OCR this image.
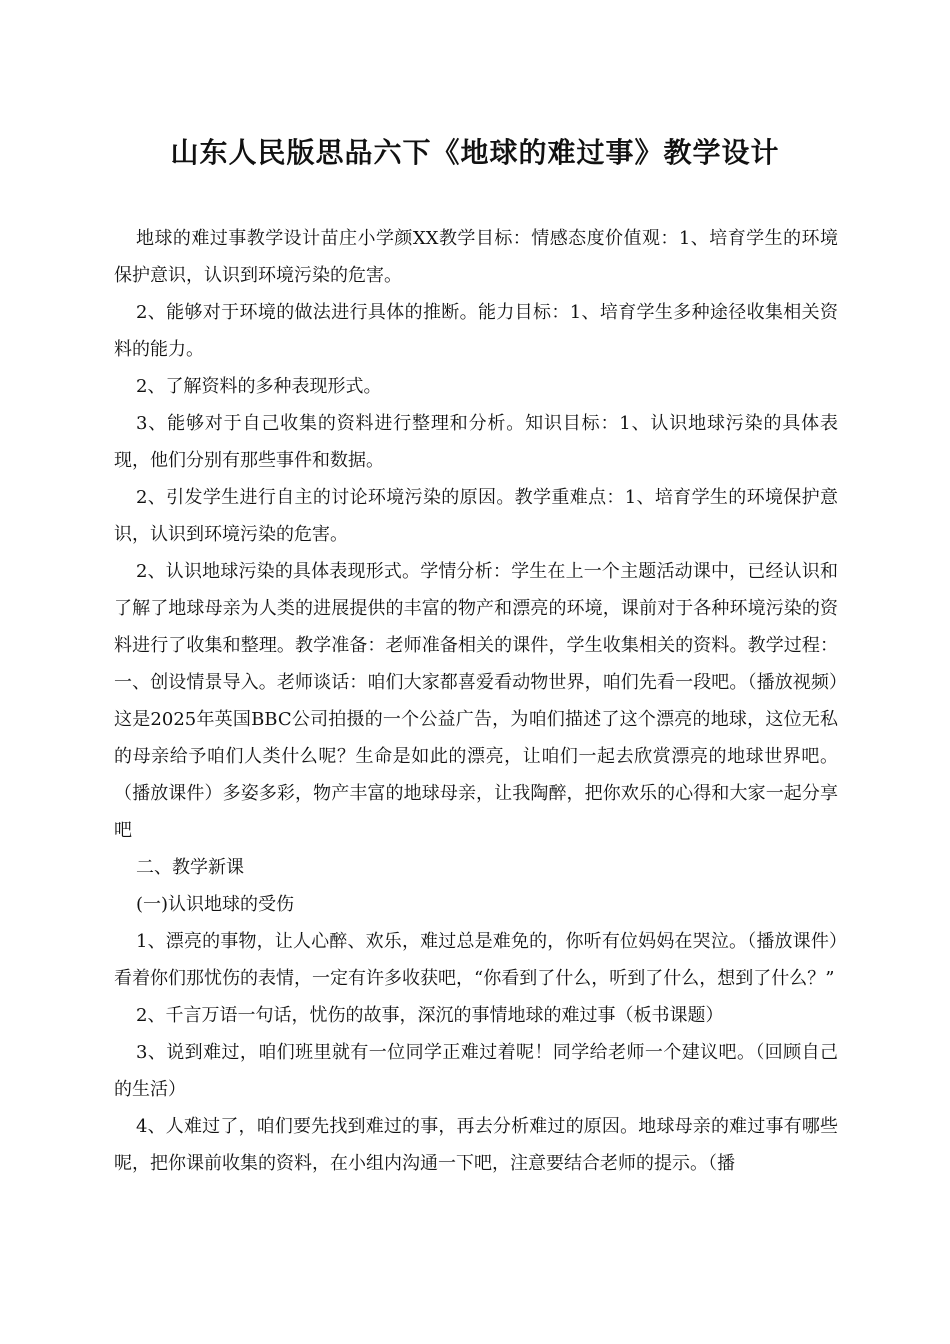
山东人民版思品六下《地球的难过事》教学设计

地球的难过事教学设计苗庄小学颜XX教学目标：情感态度价值观：1、培育学生的环境保护意识，认识到环境污染的危害。

2、能够对于环境的做法进行具体的推断。能力目标：1、培育学生多种途径收集相关资料的能力。

2、了解资料的多种表现形式。

3、能够对于自己收集的资料进行整理和分析。知识目标：1、认识地球污染的具体表现，他们分别有那些事件和数据。

2、引发学生进行自主的讨论环境污染的原因。教学重难点：1、培育学生的环境保护意识，认识到环境污染的危害。

2、认识地球污染的具体表现形式。学情分析：学生在上一个主题活动课中，已经认识和了解了地球母亲为人类的进展提供的丰富的物产和漂亮的环境，课前对于各种环境污染的资料进行了收集和整理。教学准备：老师准备相关的课件，学生收集相关的资料。教学过程：一、创设情景导入。老师谈话：咱们大家都喜爱看动物世界，咱们先看一段吧。（播放视频）这是2025年英国BBC公司拍摄的一个公益广告，为咱们描述了这个漂亮的地球，这位无私的母亲给予咱们人类什么呢？生命是如此的漂亮，让咱们一起去欣赏漂亮的地球世界吧。（播放课件）多姿多彩，物产丰富的地球母亲，让我陶醉，把你欢乐的心得和大家一起分享吧

二、教学新课

(一)认识地球的受伤

1、漂亮的事物，让人心醉、欢乐，难过总是难免的，你听有位妈妈在哭泣。（播放课件）看着你们那忧伤的表情，一定有许多收获吧，“你看到了什么，听到了什么，想到了什么？”

2、千言万语一句话，忧伤的故事，深沉的事情地球的难过事（板书课题）

3、说到难过，咱们班里就有一位同学正难过着呢！同学给老师一个建议吧。（回顾自己的生活）

4、人难过了，咱们要先找到难过的事，再去分析难过的原因。地球母亲的难过事有哪些呢，把你课前收集的资料，在小组内沟通一下吧，注意要结合老师的提示。（播
